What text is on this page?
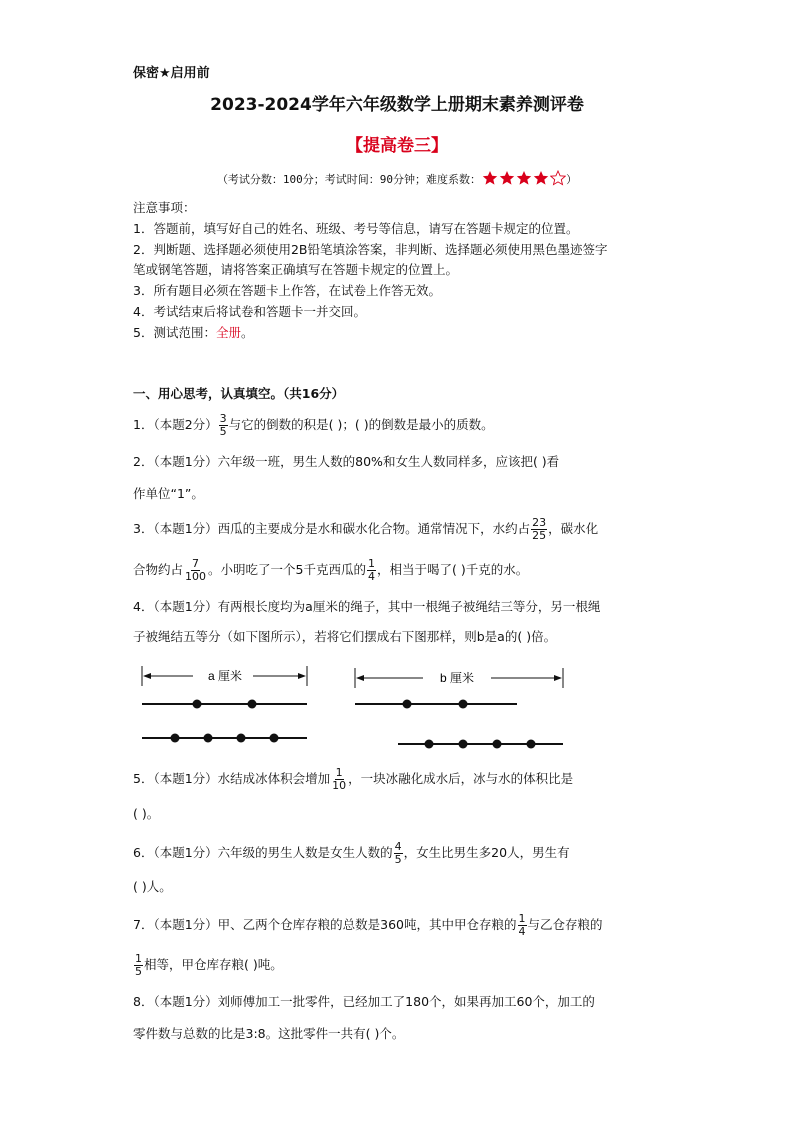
保密★启用前
2023-2024学年六年级数学上册期末素养测评卷
【提高卷三】
（考试分数：100分；考试时间：90分钟；难度系数：	）
注意事项：
1．答题前，填写好自己的姓名、班级、考号等信息，请写在答题卡规定的位置。
2．判断题、选择题必须使用2B铅笔填涂答案，非判断、选择题必须使用黑色墨迹签字
笔或钢笔答题，请将答案正确填写在答题卡规定的位置上。
3．所有题目必须在答题卡上作答，在试卷上作答无效。
4．考试结束后将试卷和答题卡一并交回。
5．测试范围：全册。
一、用心思考，认真填空。（共16分）
1．（本题2分） $\frac{3}{5}$ 与它的倒数的积是( )；( )的倒数是最小的质数。
2．（本题1分）六年级一班，男生人数的80%和女生人数同样多，应该把( )看
作单位“1”。
3．（本题1分）西瓜的主要成分是水和碳水化合物。通常情况下，水约占 $\frac{23}{25}$ ，碳水化
合物约占 $\frac{7}{100}$ 。小明吃了一个5千克西瓜的 $\frac{1}{4}$ ，相当于喝了( )千克的水。
4．（本题1分）有两根长度均为a厘米的绳子，其中一根绳子被绳结三等分，另一根绳
子被绳结五等分（如下图所示），若将它们摆成右下图那样，则b是a的( )倍。
a 厘米	b 厘米
5．（本题1分）水结成冰体积会增加 $\frac{1}{10}$ ，一块冰融化成水后，冰与水的体积比是
( )。
6．（本题1分）六年级的男生人数是女生人数的 $\frac{4}{5}$ ，女生比男生多20人，男生有
( )人。
7．（本题1分）甲、乙两个仓库存粮的总数是360吨，其中甲仓存粮的 $\frac{1}{4}$ 与乙仓存粮的
$\frac{1}{5}$ 相等，甲仓库存粮( )吨。
8．（本题1分）刘师傅加工一批零件，已经加工了180个，如果再加工60个，加工的
零件数与总数的比是3:8。这批零件一共有( )个。
